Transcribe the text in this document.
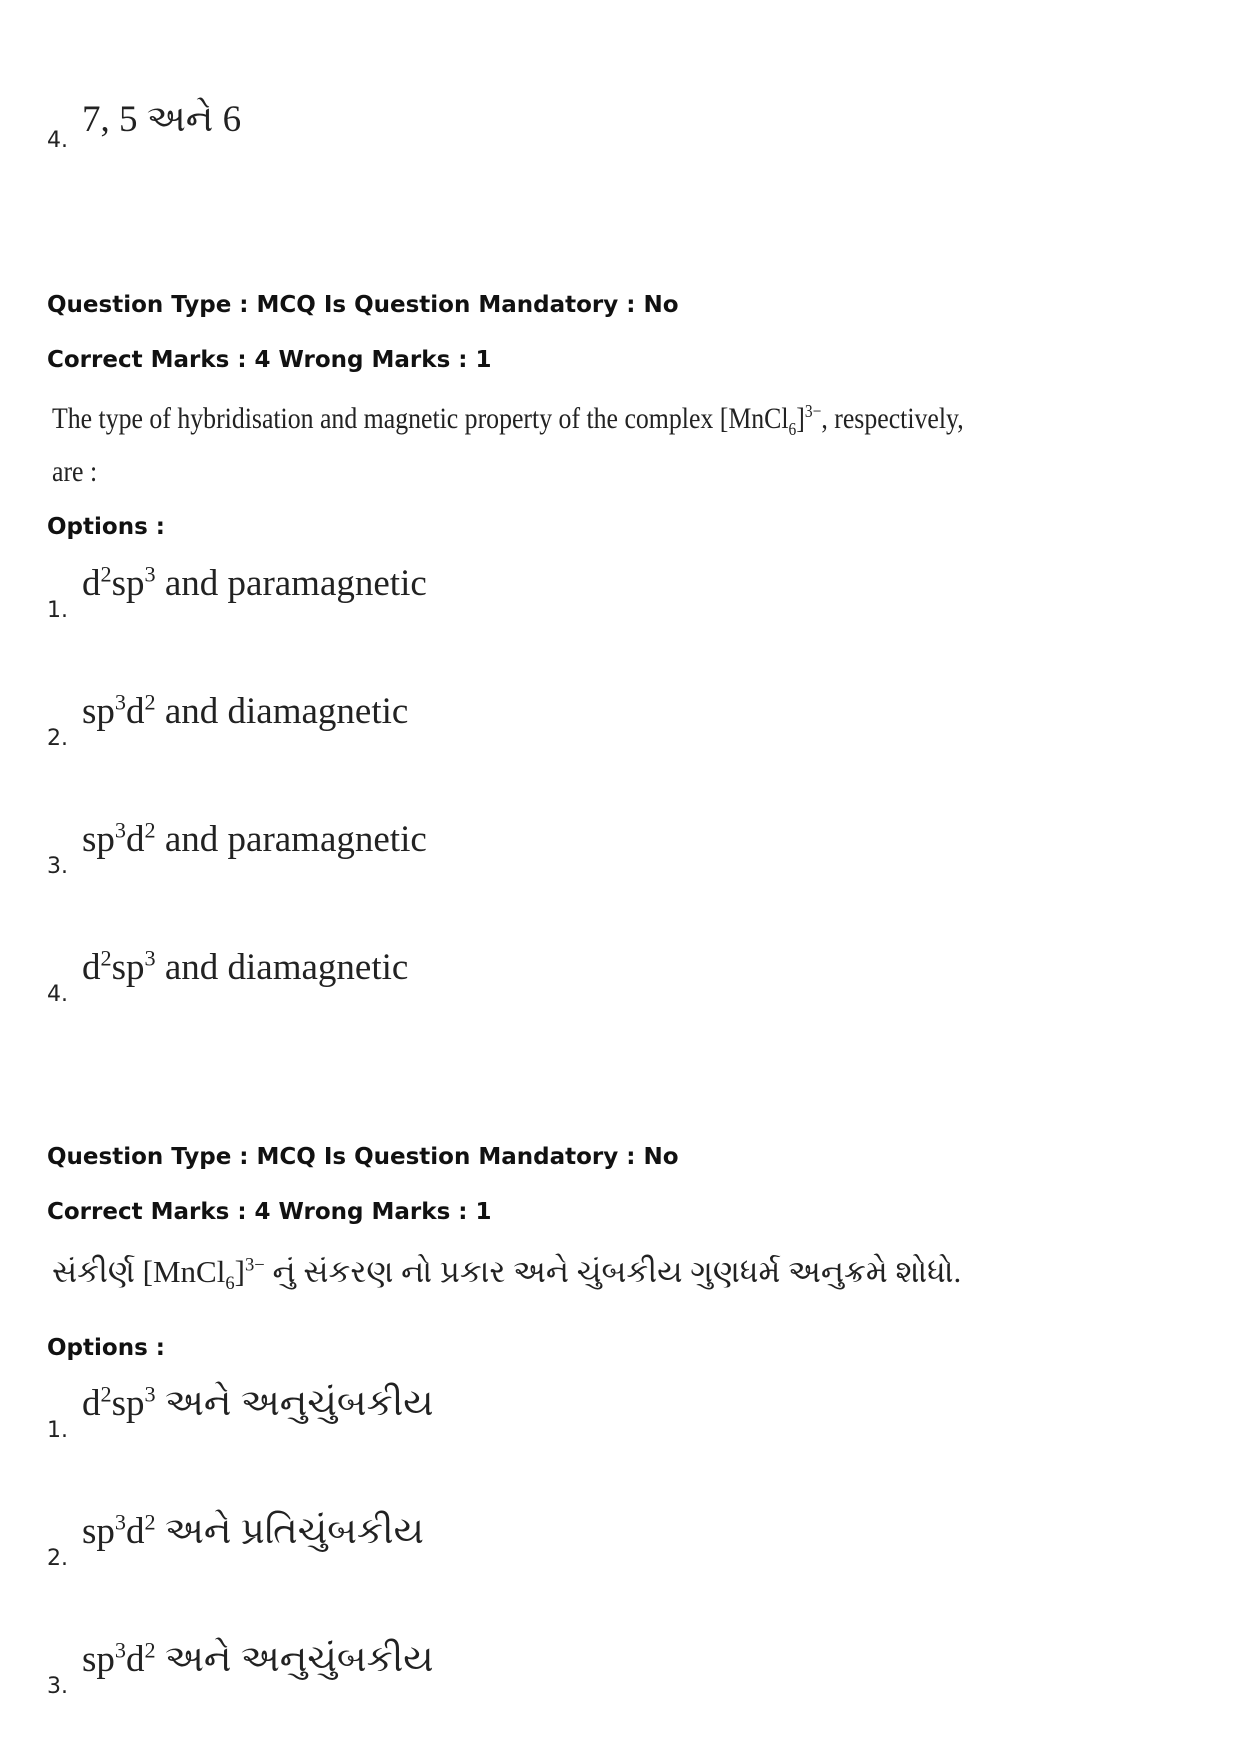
4.
7, 5 અને 6
Question Type : MCQ Is Question Mandatory : No
Correct Marks : 4 Wrong Marks : 1
The type of hybridisation and magnetic property of the complex [MnCl$_6$]$^{3-}$, respectively,
are :
Options :
1.
$d^2sp^3$ and paramagnetic
2.
$sp^3d^2$ and diamagnetic
3.
$sp^3d^2$ and paramagnetic
4.
$d^2sp^3$ and diamagnetic
Question Type : MCQ Is Question Mandatory : No
Correct Marks : 4 Wrong Marks : 1
સંકીર્ણ [MnCl$_6$]$^{3-}$ નું સંકરણ નો પ્રકાર અને ચુંબકીય ગુણધર્મ અનુક્રમે શોધો.
Options :
1.
$d^2sp^3$ અને અનુચુંબકીય
2.
$sp^3d^2$ અને પ્રતિચુંબકીય
3.
$sp^3d^2$ અને અનુચુંબકીય
